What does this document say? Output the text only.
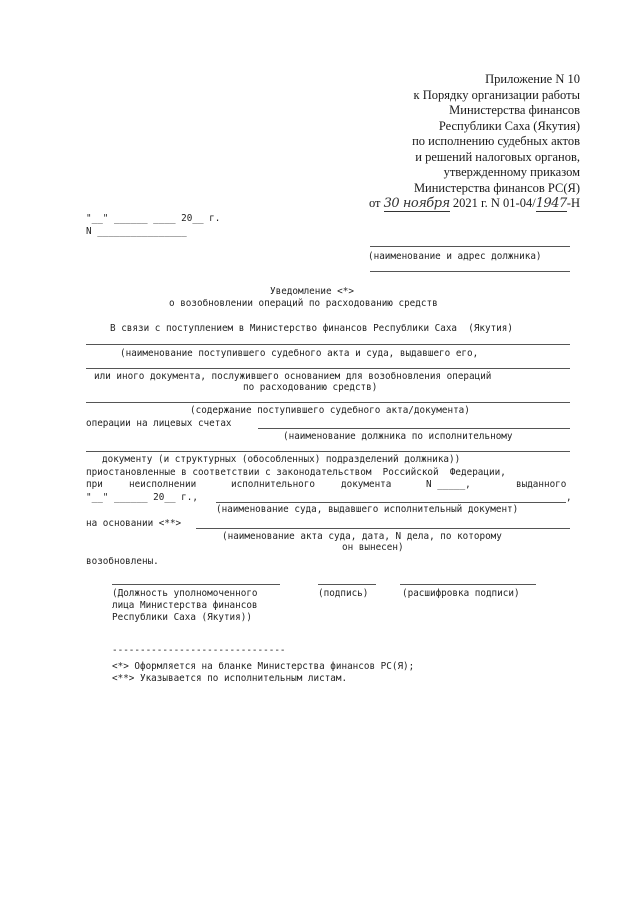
Приложение N 10
к Порядку организации работы
Министерства финансов
Республики Саха (Якутия)
по исполнению судебных актов
и решений налоговых органов,
утвержденному приказом
Министерства финансов РС(Я)
от 30 ноября 2021 г. N 01-04/1947-Н
"__" ______ ____ 20__ г.
N ________________
(наименование и адрес должника)
Уведомление <*>
о возобновлении операций по расходованию средств
В связи с поступлением в Министерство финансов Республики Саха  (Якутия)
(наименование поступившего судебного акта и суда, выдавшего его,
или иного документа, послужившего основанием для возобновления операций
по расходованию средств)
(содержание поступившего судебного акта/документа)
операции на лицевых счетах
(наименование должника по исполнительному
документу (и структурных (обособленных) подразделений должника))
приостановленные в соответствии с законодательством  Российской  Федерации,
при	неисполнении	исполнительного	документа	N _____,	выданного
"__" ______ 20__ г.,	,
(наименование суда, выдавшего исполнительный документ)
на основании <**>
(наименование акта суда, дата, N дела, по которому
он вынесен)
возобновлены.
(Должность уполномоченного
лица Министерства финансов
Республики Саха (Якутия))
(подпись)	(расшифровка подписи)
-------------------------------
<*> Оформляется на бланке Министерства финансов РС(Я);
<**> Указывается по исполнительным листам.
